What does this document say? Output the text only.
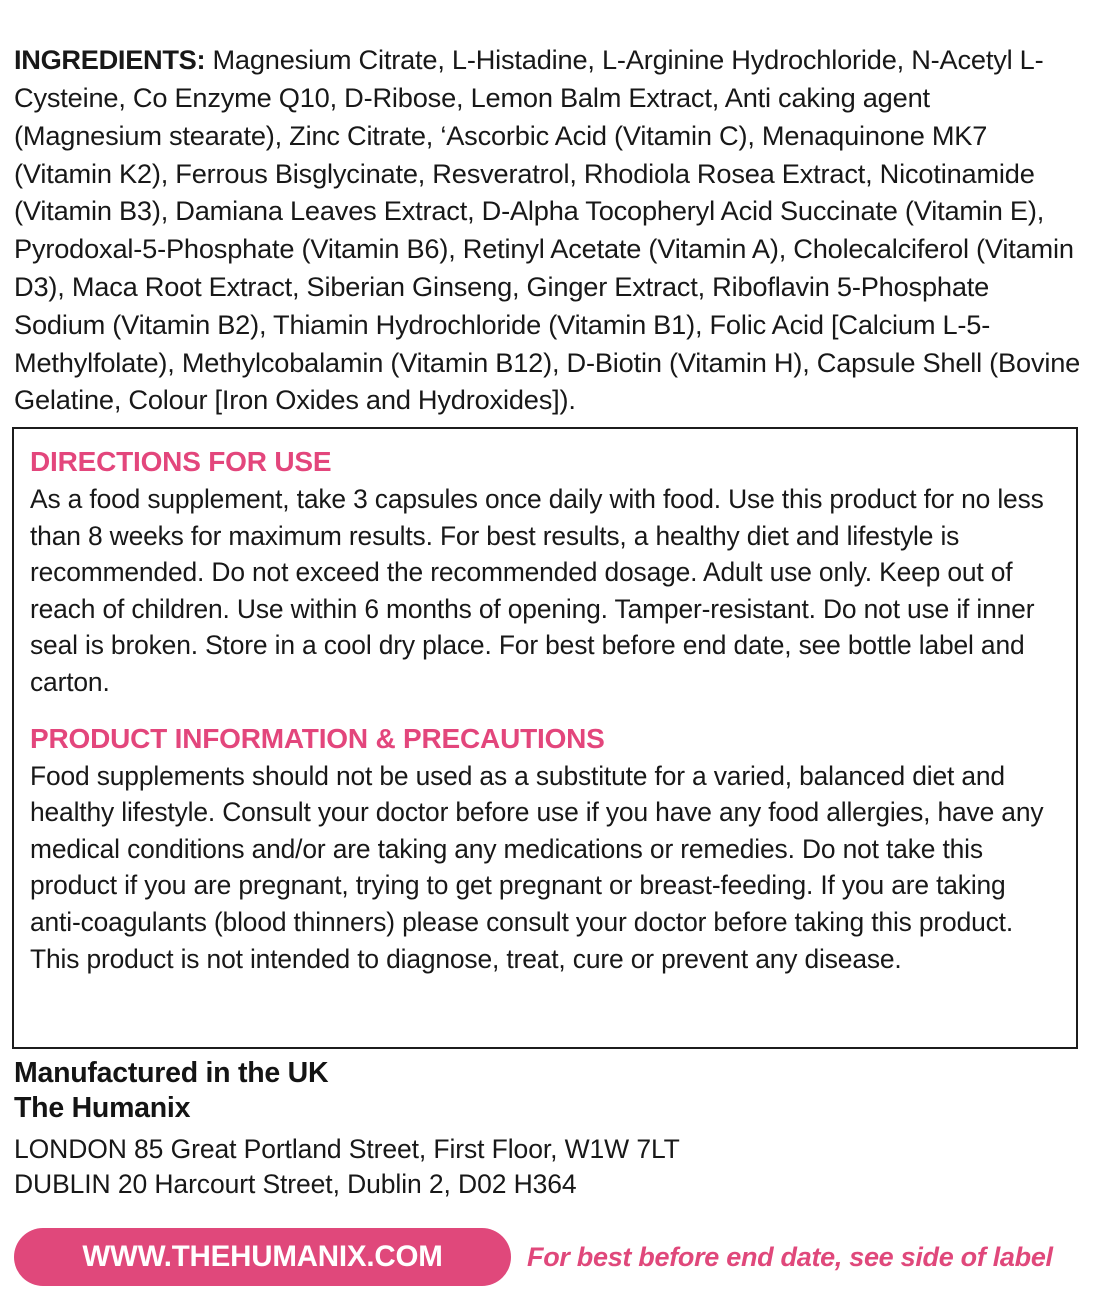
INGREDIENTS: Magnesium Citrate, L-Histadine, L-Arginine Hydrochloride, N-Acetyl L-Cysteine, Co Enzyme Q10, D-Ribose, Lemon Balm Extract, Anti caking agent (Magnesium stearate), Zinc Citrate, ‘Ascorbic Acid (Vitamin C), Menaquinone MK7 (Vitamin K2), Ferrous Bisglycinate, Resveratrol, Rhodiola Rosea Extract, Nicotinamide (Vitamin B3), Damiana Leaves Extract, D-Alpha Tocopheryl Acid Succinate (Vitamin E), Pyrodoxal-5-Phosphate (Vitamin B6), Retinyl Acetate (Vitamin A), Cholecalciferol (Vitamin D3), Maca Root Extract, Siberian Ginseng, Ginger Extract, Riboflavin 5-Phosphate Sodium (Vitamin B2), Thiamin Hydrochloride (Vitamin B1), Folic Acid [Calcium L-5-Methylfolate), Methylcobalamin (Vitamin B12), D-Biotin (Vitamin H), Capsule Shell (Bovine Gelatine, Colour [Iron Oxides and Hydroxides]).

DIRECTIONS FOR USE

As a food supplement, take 3 capsules once daily with food. Use this product for no less than 8 weeks for maximum results. For best results, a healthy diet and lifestyle is recommended. Do not exceed the recommended dosage. Adult use only. Keep out of reach of children. Use within 6 months of opening. Tamper-resistant. Do not use if inner seal is broken. Store in a cool dry place. For best before end date, see bottle label and carton.

PRODUCT INFORMATION & PRECAUTIONS

Food supplements should not be used as a substitute for a varied, balanced diet and healthy lifestyle. Consult your doctor before use if you have any food allergies, have any medical conditions and/or are taking any medications or remedies. Do not take this product if you are pregnant, trying to get pregnant or breast-feeding. If you are taking anti-coagulants (blood thinners) please consult your doctor before taking this product. This product is not intended to diagnose, treat, cure or prevent any disease.

Manufactured in the UK
The Humanix
LONDON 85 Great Portland Street, First Floor, W1W 7LT
DUBLIN 20 Harcourt Street, Dublin 2, D02 H364
WWW.THEHUMANIX.COM	For best before end date, see side of label
